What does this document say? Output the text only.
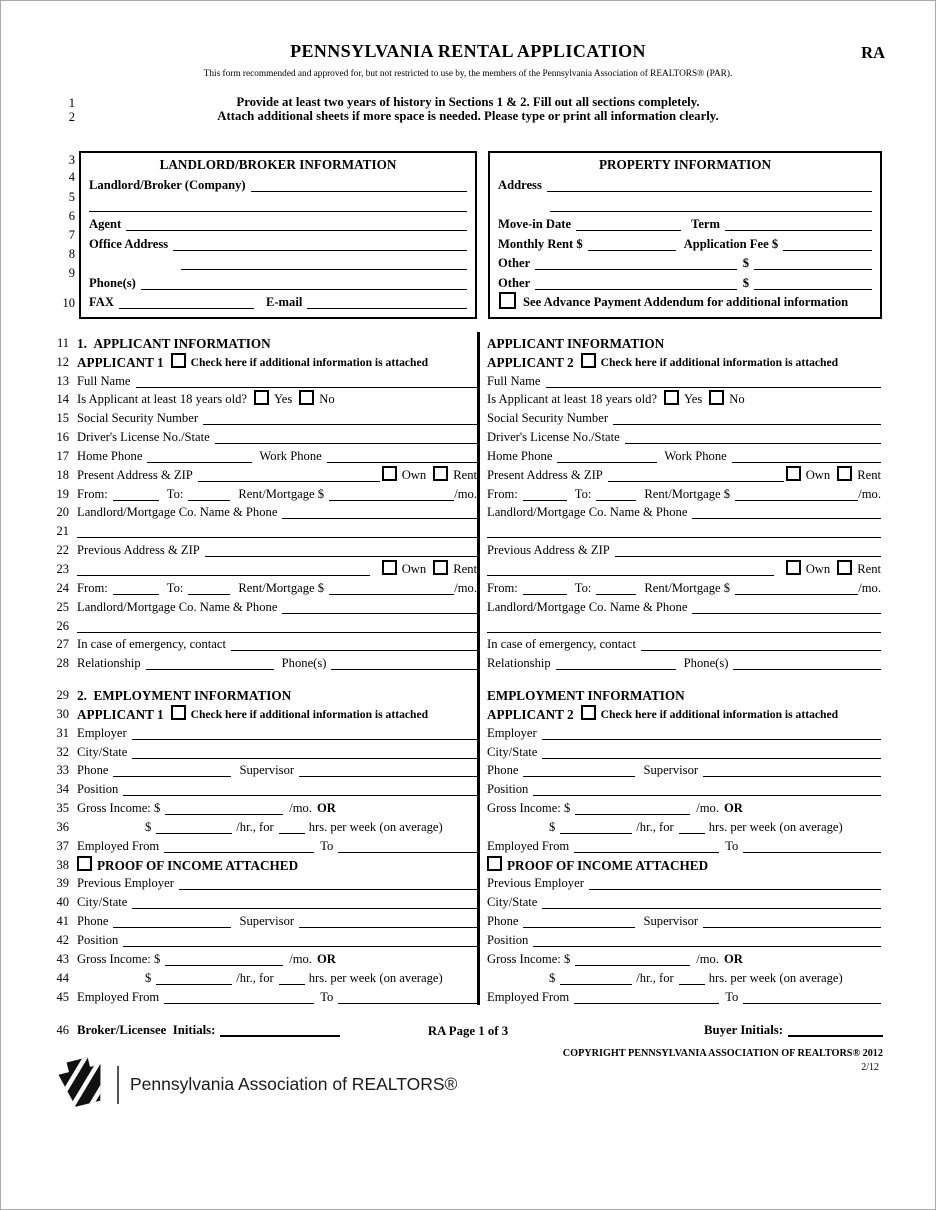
PENNSYLVANIA RENTAL APPLICATION	RA
This form recommended and approved for, but not restricted to use by, the members of the Pennsylvania Association of REALTORS® (PAR).
1
2
Provide at least two years of history in Sections 1 & 2. Fill out all sections completely.
Attach additional sheets if more space is needed. Please type or print all information clearly.
3
4
5
6
7
8
9
10
LANDLORD/BROKER INFORMATION
Landlord/Broker (Company)
Agent
Office Address
Phone(s)
FAX	E-mail
PROPERTY INFORMATION
Address
Move-in Date	Term
Monthly Rent $	Application Fee $
Other	$
Other	$
See Advance Payment Addendum for additional information
11 1.  APPLICANT INFORMATION
12 APPLICANT 1 Check here if additional information is attached
13 Full Name
14 Is Applicant at least 18 years old? Yes No
15 Social Security Number
16 Driver's License No./State
17 Home Phone	Work Phone
18 Present Address & ZIP	Own Rent
19 From:	To:	Rent/Mortgage $	/mo.
20 Landlord/Mortgage Co. Name & Phone
21
22 Previous Address & ZIP
23	Own Rent
24 From:	To:	Rent/Mortgage $	/mo.
25 Landlord/Mortgage Co. Name & Phone
26
27 In case of emergency, contact
28 Relationship	Phone(s)
29 2.  EMPLOYMENT INFORMATION
30 APPLICANT 1 Check here if additional information is attached
31 Employer
32 City/State
33 Phone	Supervisor
34 Position
35 Gross Income: $	/mo. OR
36	$	/hr., for	hrs. per week (on average)
37 Employed From	To
38 PROOF OF INCOME ATTACHED
39 Previous Employer
40 City/State
41 Phone	Supervisor
42 Position
43 Gross Income: $	/mo. OR
44	$	/hr., for	hrs. per week (on average)
45 Employed From	To
APPLICANT INFORMATION
APPLICANT 2 Check here if additional information is attached
Full Name
Is Applicant at least 18 years old? Yes No
Social Security Number
Driver's License No./State
Home Phone	Work Phone
Present Address & ZIP	Own Rent
From:	To:	Rent/Mortgage $	/mo.
Landlord/Mortgage Co. Name & Phone
Previous Address & ZIP
Own Rent
From:	To:	Rent/Mortgage $	/mo.
Landlord/Mortgage Co. Name & Phone
In case of emergency, contact
Relationship	Phone(s)
EMPLOYMENT INFORMATION
APPLICANT 2 Check here if additional information is attached
Employer
City/State
Phone	Supervisor
Position
Gross Income: $	/mo. OR
$	/hr., for	hrs. per week (on average)
Employed From	To
PROOF OF INCOME ATTACHED
Previous Employer
City/State
Phone	Supervisor
Position
Gross Income: $	/mo. OR
$	/hr., for	hrs. per week (on average)
Employed From	To
46 Broker/Licensee  Initials:	RA Page 1 of 3	Buyer Initials:
COPYRIGHT PENNSYLVANIA ASSOCIATION OF REALTORS® 2012
2/12
Pennsylvania Association of REALTORS®
